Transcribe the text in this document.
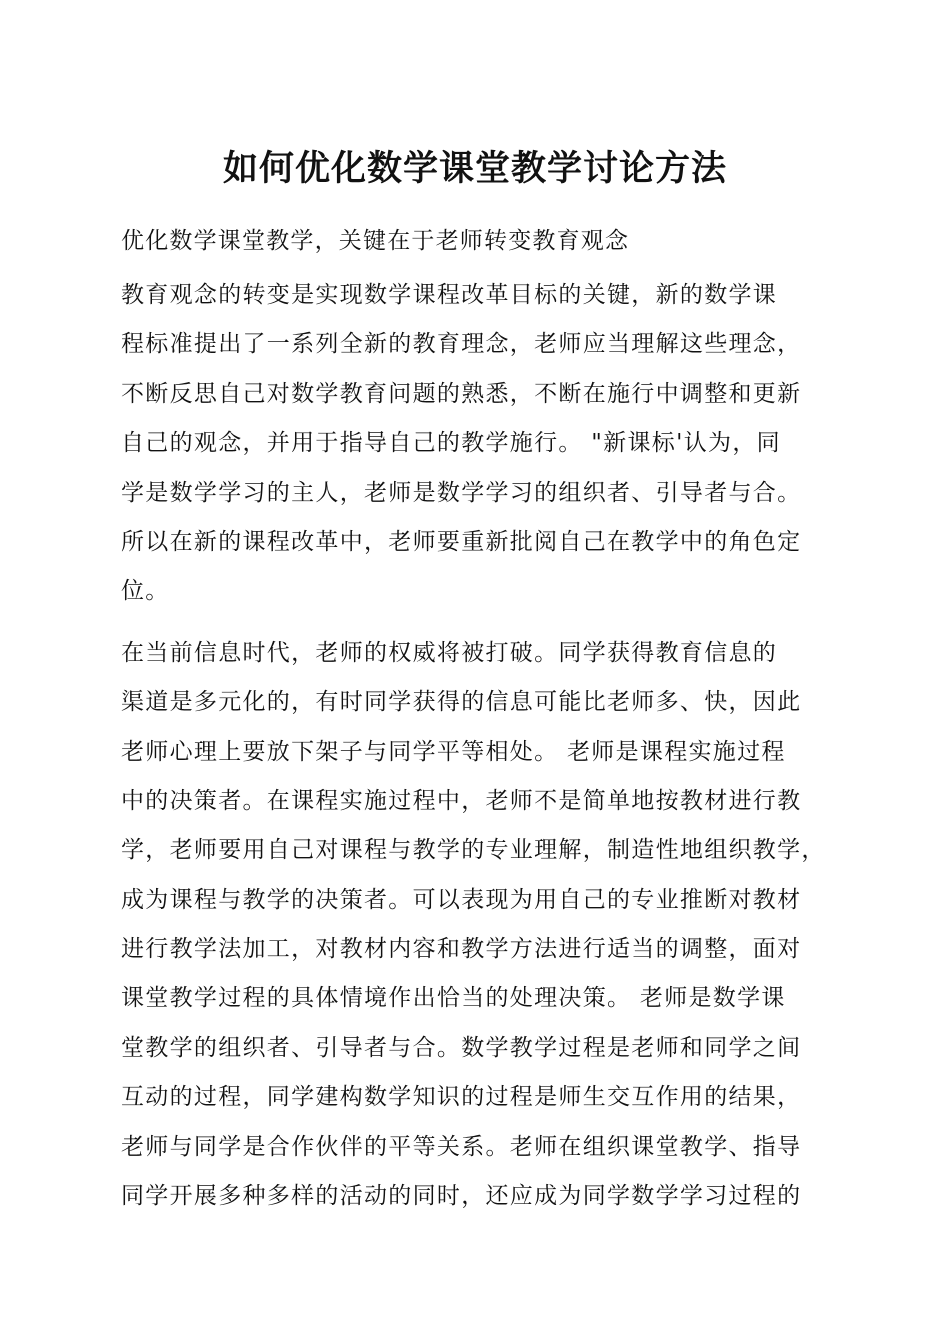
如何优化数学课堂教学讨论方法

优化数学课堂教学，关键在于老师转变教育观念

教育观念的转变是实现数学课程改革目标的关键，新的数学课
程标准提出了一系列全新的教育理念，老师应当理解这些理念，
不断反思自己对数学教育问题的熟悉，不断在施行中调整和更新
自己的观念，并用于指导自己的教学施行。 "新课标'认为，同
学是数学学习的主人，老师是数学学习的组织者、引导者与合。
所以在新的课程改革中，老师要重新批阅自己在教学中的角色定
位。
在当前信息时代，老师的权威将被打破。同学获得教育信息的
渠道是多元化的，有时同学获得的信息可能比老师多、快，因此
老师心理上要放下架子与同学平等相处。 老师是课程实施过程
中的决策者。在课程实施过程中，老师不是简单地按教材进行教
学，老师要用自己对课程与教学的专业理解，制造性地组织教学，
成为课程与教学的决策者。可以表现为用自己的专业推断对教材
进行教学法加工，对教材内容和教学方法进行适当的调整，面对
课堂教学过程的具体情境作出恰当的处理决策。 老师是数学课
堂教学的组织者、引导者与合。数学教学过程是老师和同学之间
互动的过程，同学建构数学知识的过程是师生交互作用的结果，
老师与同学是合作伙伴的平等关系。老师在组织课堂教学、指导
同学开展多种多样的活动的同时，还应成为同学数学学习过程的
